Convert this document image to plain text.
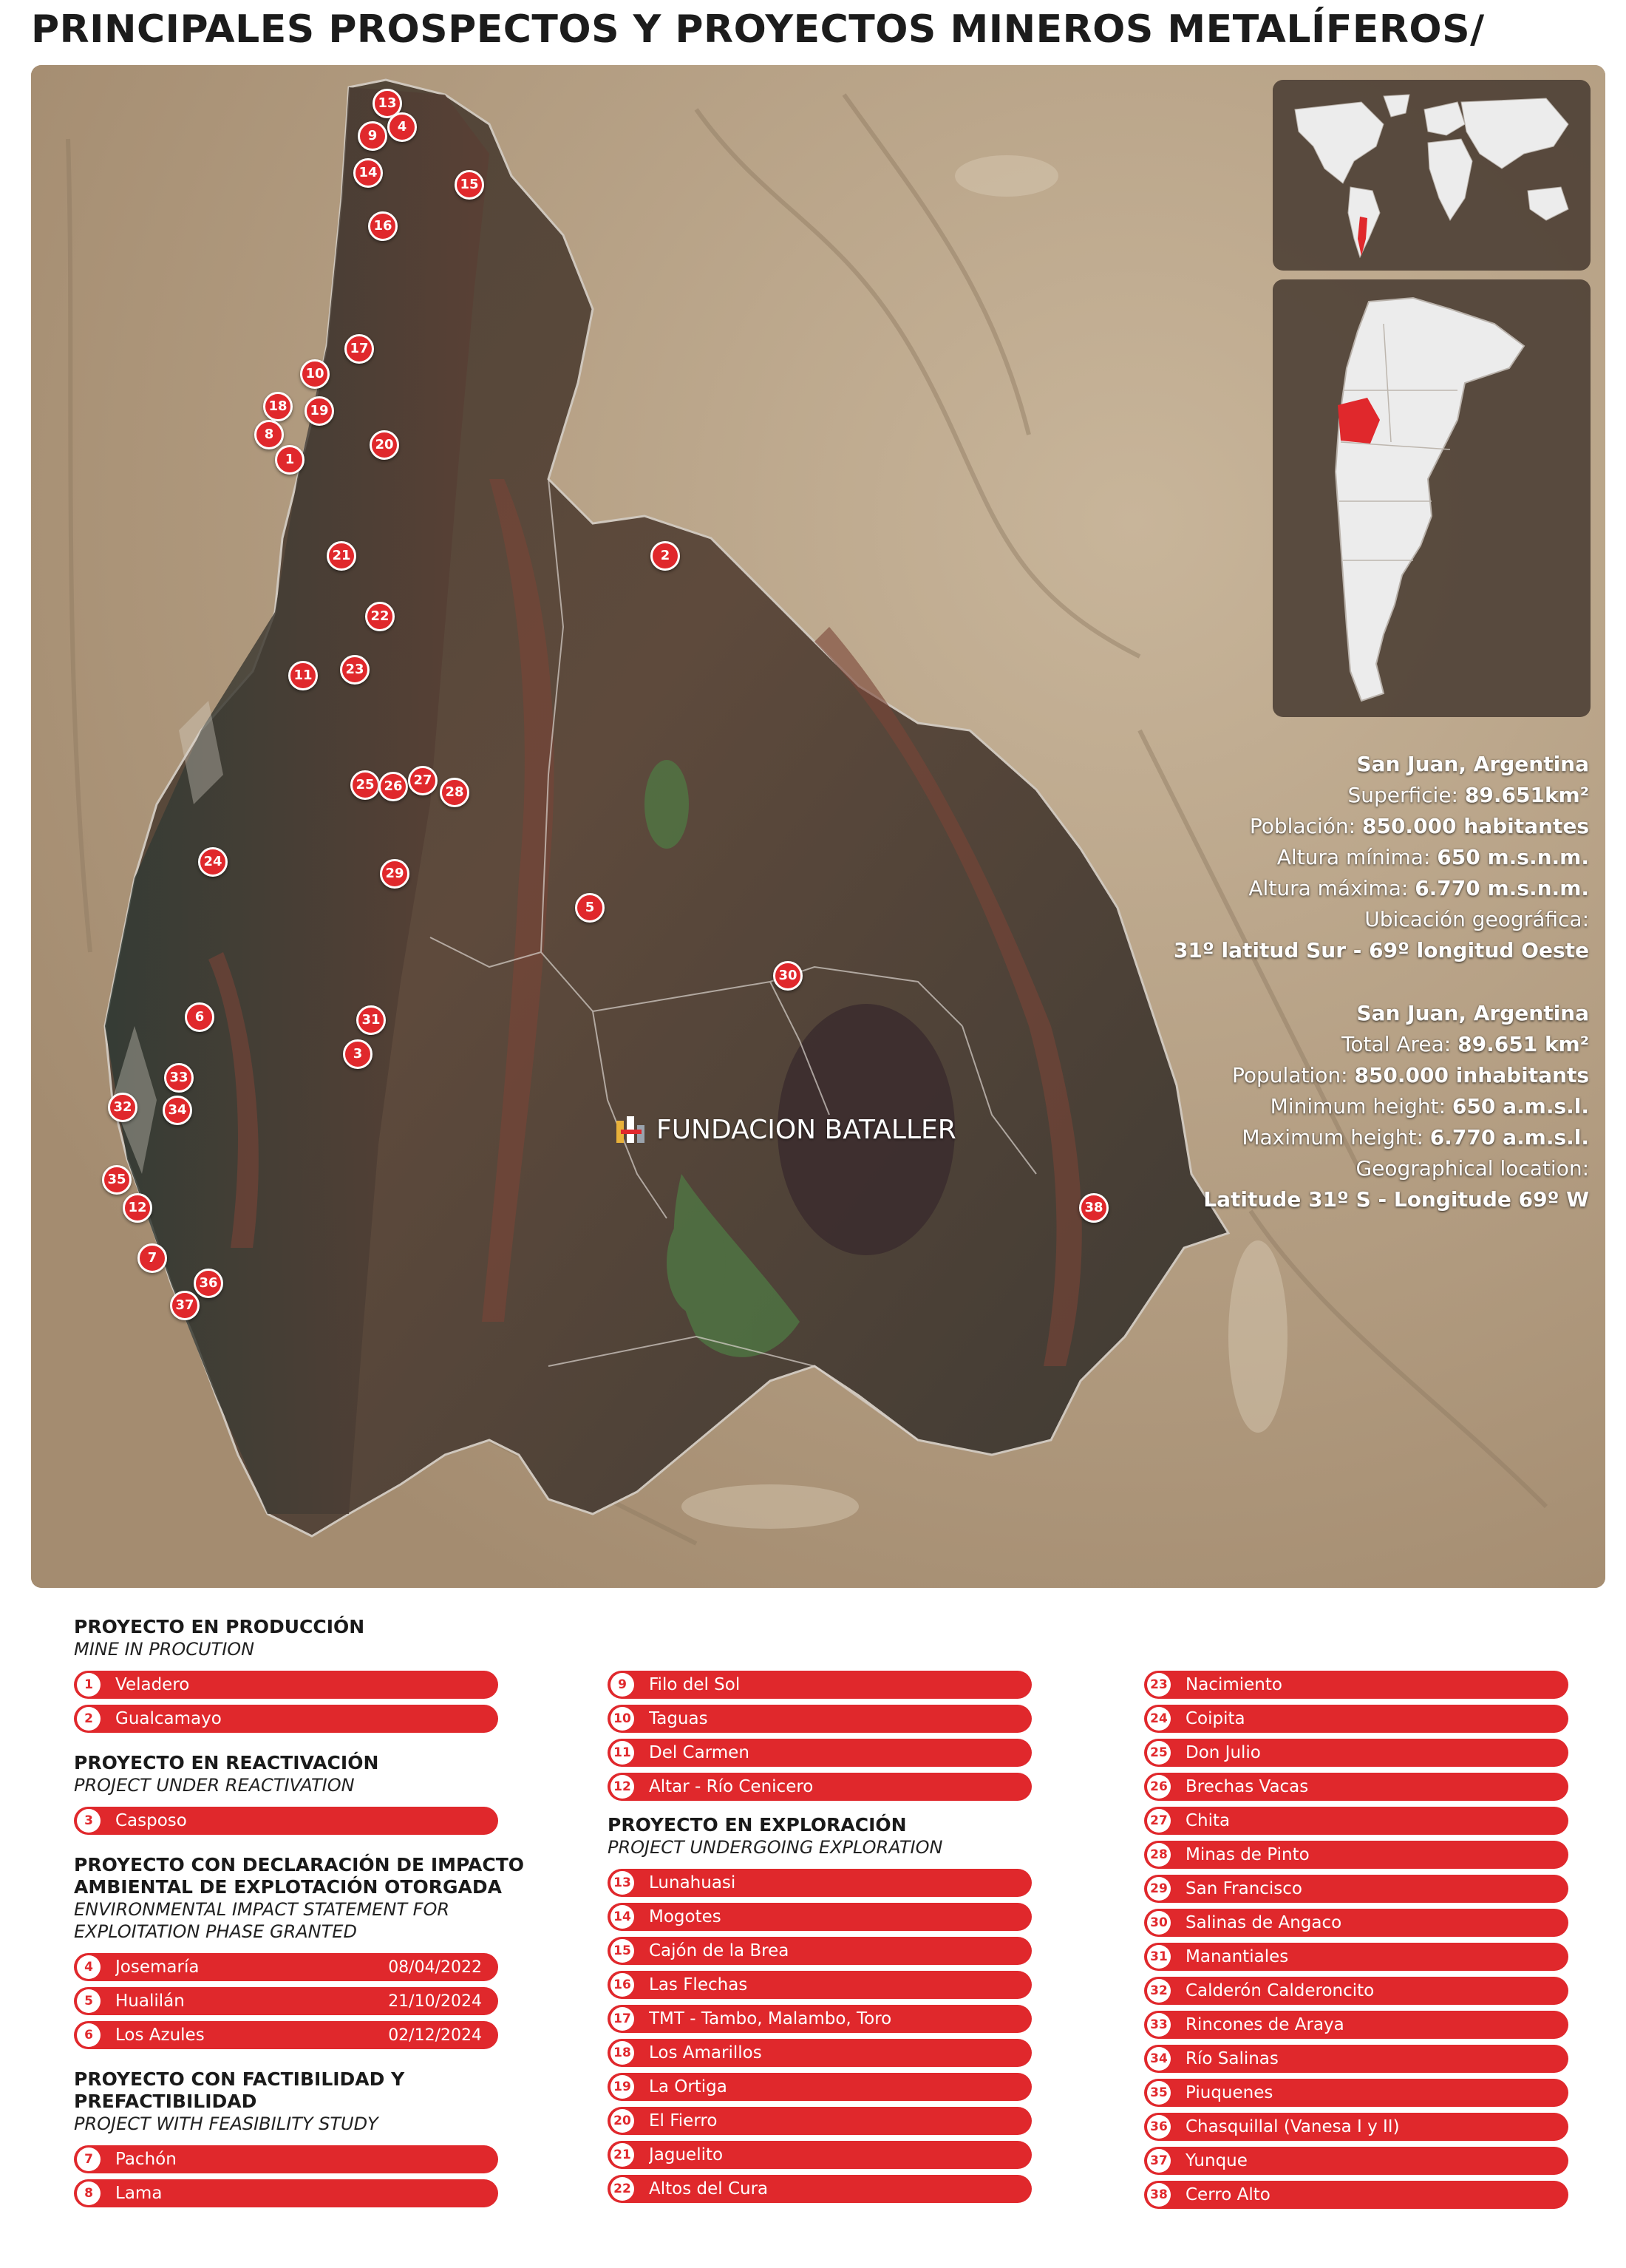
PRINCIPALES PROSPECTOS Y PROYECTOS MINEROS METALÍFEROS/
13
9
4
14
15
16
17
10
18	19
8
20
1
2
21
22
11	23
25 26 27
28
24
29
5
30
6	31
3
33
32	34
35
12	38
7
36
37
FUNDACION BATALLER
San Juan, Argentina
Superficie: 89.651km²
Población: 850.000 habitantes
Altura mínima: 650 m.s.n.m.
Altura máxima: 6.770 m.s.n.m.
Ubicación geográfica:
31º latitud Sur - 69º longitud Oeste
San Juan, Argentina
Total Area: 89.651 km²
Population: 850.000 inhabitants
Minimum height: 650 a.m.s.l.
Maximum height: 6.770 a.m.s.l.
Geographical location:
Latitude 31º S - Longitude 69º W
PROYECTO EN PRODUCCIÓN
MINE IN PROCUTION
1	Veladero
2	Gualcamayo
PROYECTO EN REACTIVACIÓN
PROJECT UNDER REACTIVATION
3	Casposo
PROYECTO CON DECLARACIÓN DE IMPACTO
AMBIENTAL DE EXPLOTACIÓN OTORGADA
ENVIRONMENTAL IMPACT STATEMENT FOR
EXPLOITATION PHASE GRANTED
4	Josemaría	08/04/2022
5	Hualilán	21/10/2024
6	Los Azules	02/12/2024
PROYECTO CON FACTIBILIDAD Y PREFACTIBILIDAD
PROJECT WITH FEASIBILITY STUDY
7	Pachón
8	Lama
9	Filo del Sol
10 Taguas
11 Del Carmen
12 Altar - Río Cenicero
PROYECTO EN EXPLORACIÓN
PROJECT UNDERGOING EXPLORATION
13 Lunahuasi
14 Mogotes
15 Cajón de la Brea
16 Las Flechas
17 TMT - Tambo, Malambo, Toro
18 Los Amarillos
19 La Ortiga
20 El Fierro
21 Jaguelito
22 Altos del Cura
23 Nacimiento
24 Coipita
25 Don Julio
26 Brechas Vacas
27 Chita
28 Minas de Pinto
29 San Francisco
30 Salinas de Angaco
31 Manantiales
32 Calderón Calderoncito
33 Rincones de Araya
34 Río Salinas
35 Piuquenes
36 Chasquillal (Vanesa I y II)
37 Yunque
38 Cerro Alto
